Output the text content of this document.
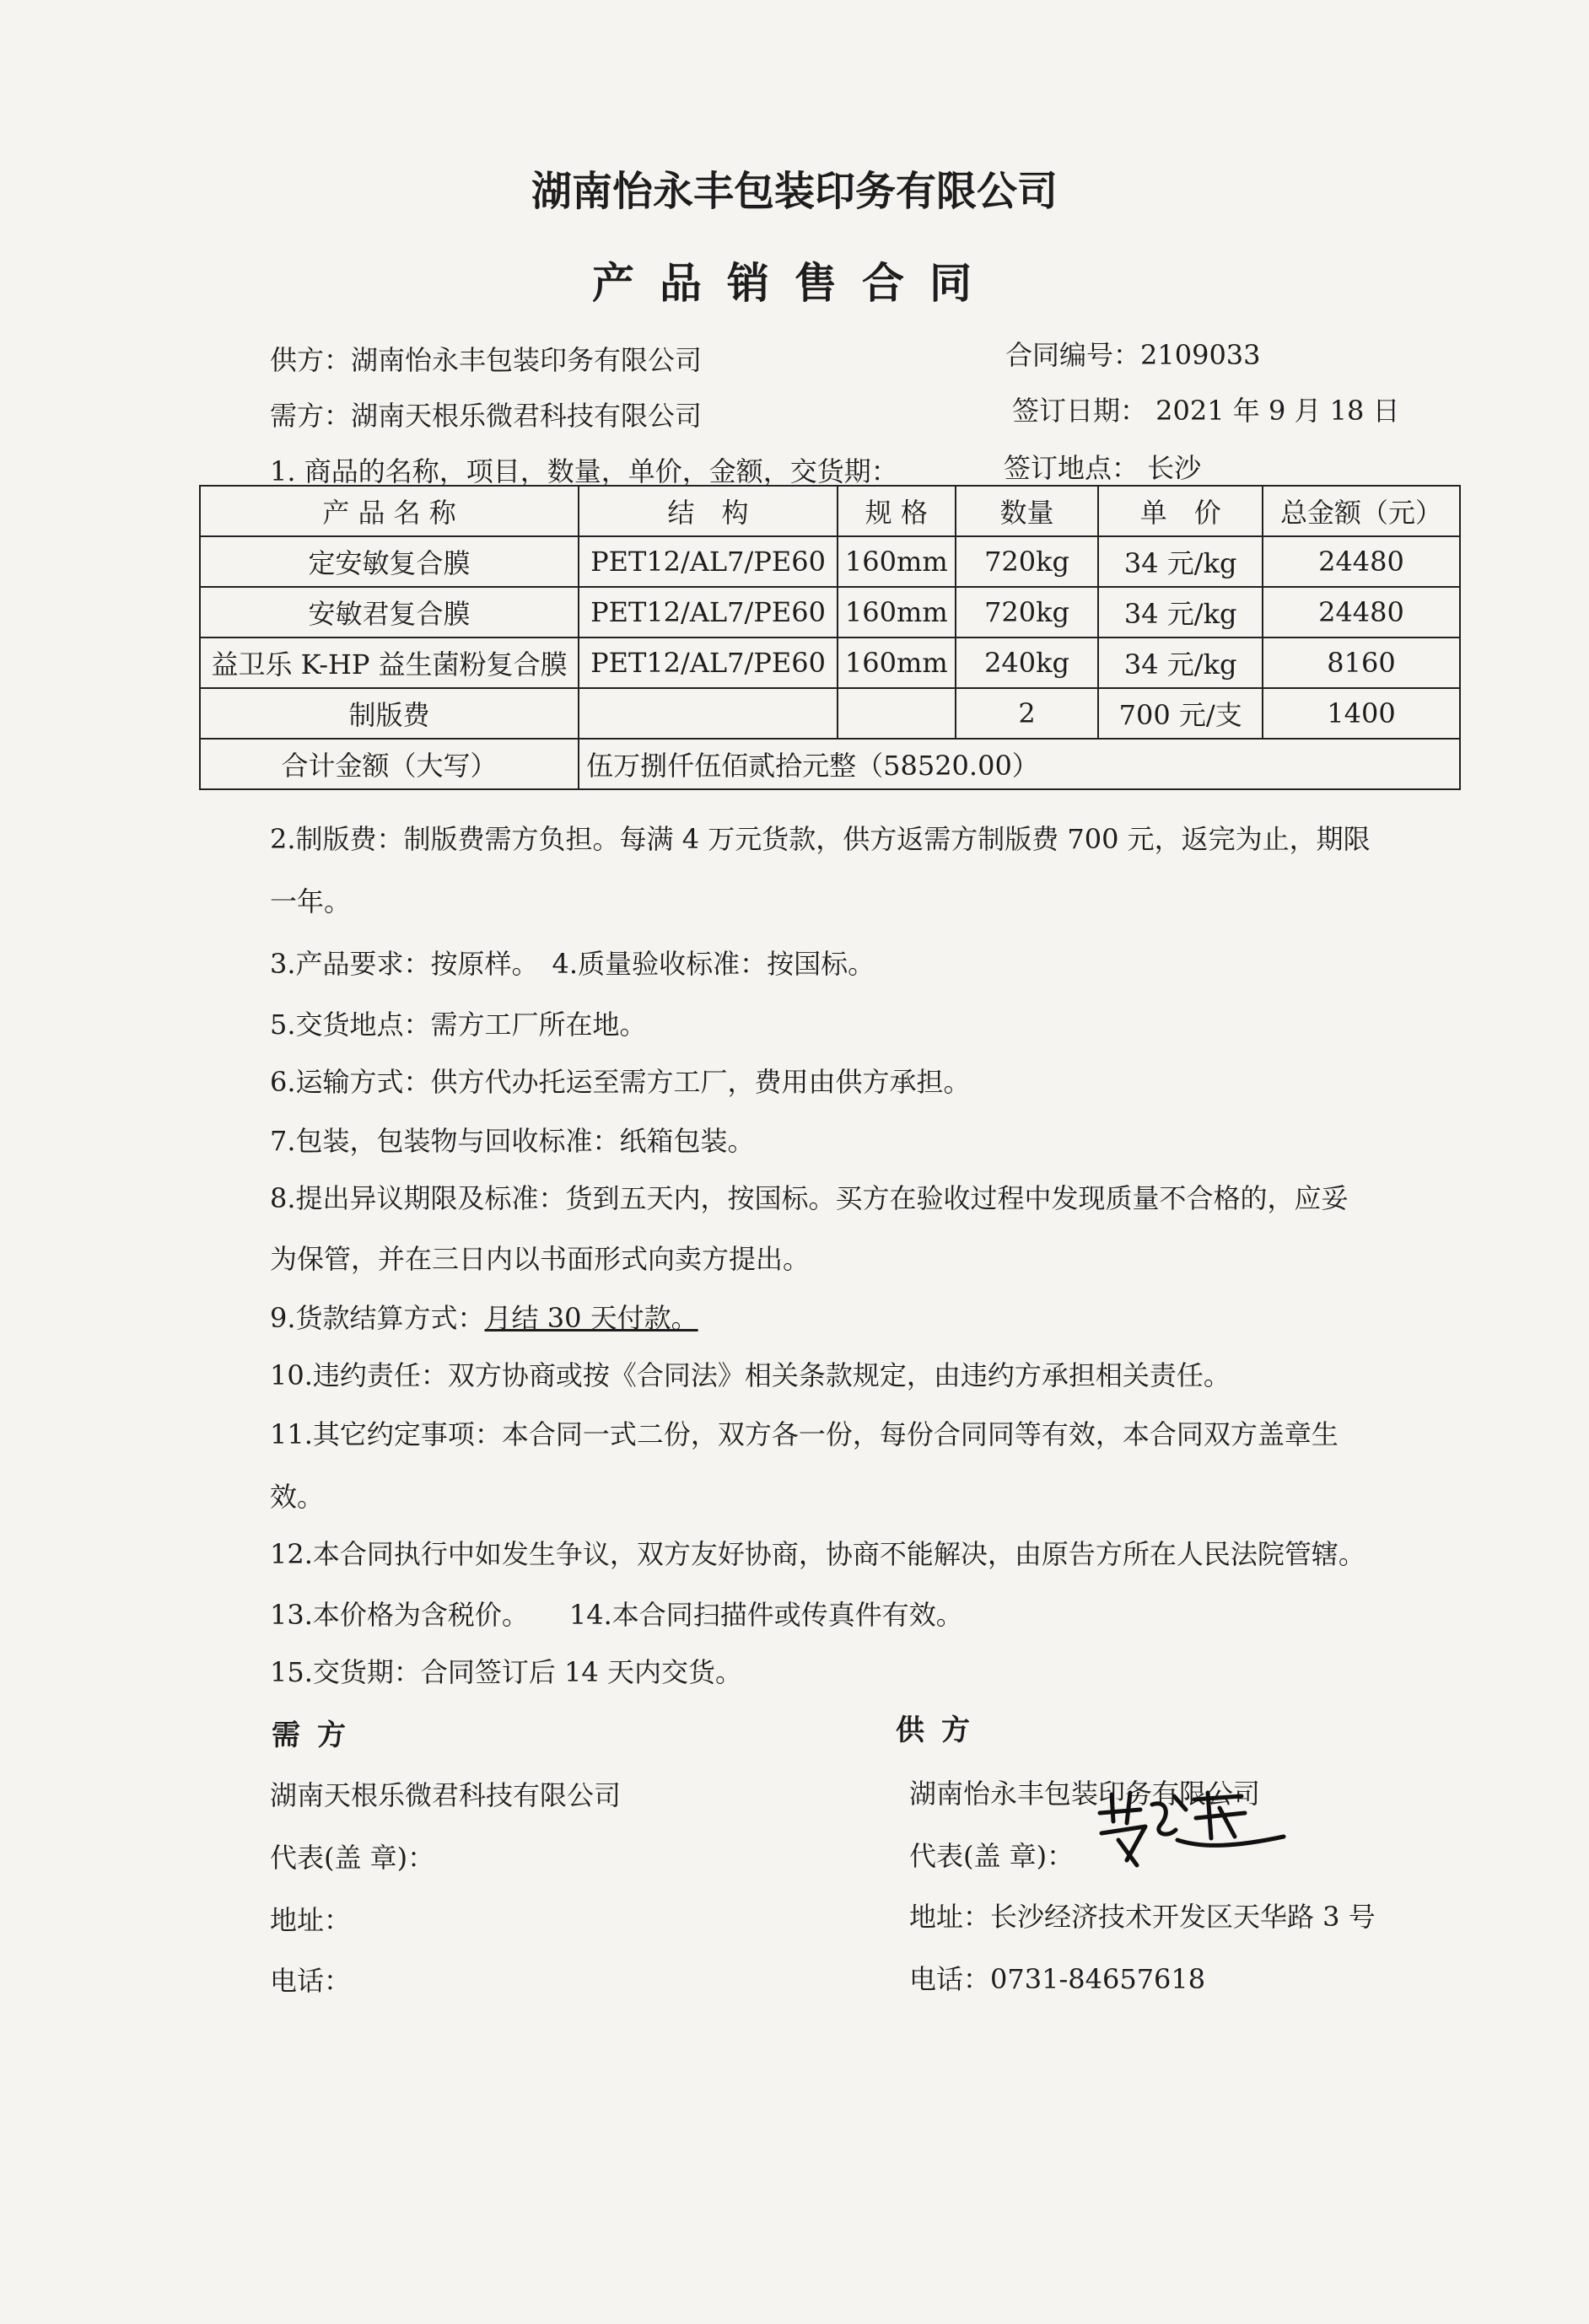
湖南怡永丰包装印务有限公司
产品销售合同
供方：湖南怡永丰包装印务有限公司	合同编号：2109033
需方：湖南天根乐微君科技有限公司	签订日期： 2021 年 9 月 18 日
1. 商品的名称，项目，数量，单价，金额，交货期：	签订地点： 长沙
产 品 名 称	结　构	规 格	数量	单　价	总金额（元）
定安敏复合膜	PET12/AL7/PE60	160mm	720kg	34 元/kg	24480
安敏君复合膜	PET12/AL7/PE60	160mm	720kg	34 元/kg	24480
益卫乐 K-HP 益生菌粉复合膜	PET12/AL7/PE60	160mm	240kg	34 元/kg	8160
制版费			2	700 元/支	1400
合计金额（大写）	伍万捌仟伍佰贰拾元整（58520.00）				
2.制版费：制版费需方负担。每满 4 万元货款，供方返需方制版费 700 元，返完为止，期限
一年。
3.产品要求：按原样。　4.质量验收标准：按国标。
5.交货地点：需方工厂所在地。
6.运输方式：供方代办托运至需方工厂，费用由供方承担。
7.包装，包装物与回收标准：纸箱包装。
8.提出异议期限及标准：货到五天内，按国标。买方在验收过程中发现质量不合格的，应妥
为保管，并在三日内以书面形式向卖方提出。
9.货款结算方式：月结 30 天付款。
10.违约责任：双方协商或按《合同法》相关条款规定，由违约方承担相关责任。
11.其它约定事项：本合同一式二份，双方各一份，每份合同同等有效，本合同双方盖章生
效。
12.本合同执行中如发生争议，双方友好协商，协商不能解决，由原告方所在人民法院管辖。
13.本价格为含税价。　　14.本合同扫描件或传真件有效。
15.交货期：合同签订后 14 天内交货。
需方
湖南天根乐微君科技有限公司
代表(盖 章)：
地址：
电话：
供方
湖南怡永丰包装印务有限公司
代表(盖 章)：
地址：长沙经济技术开发区天华路 3 号
电话：0731-84657618
